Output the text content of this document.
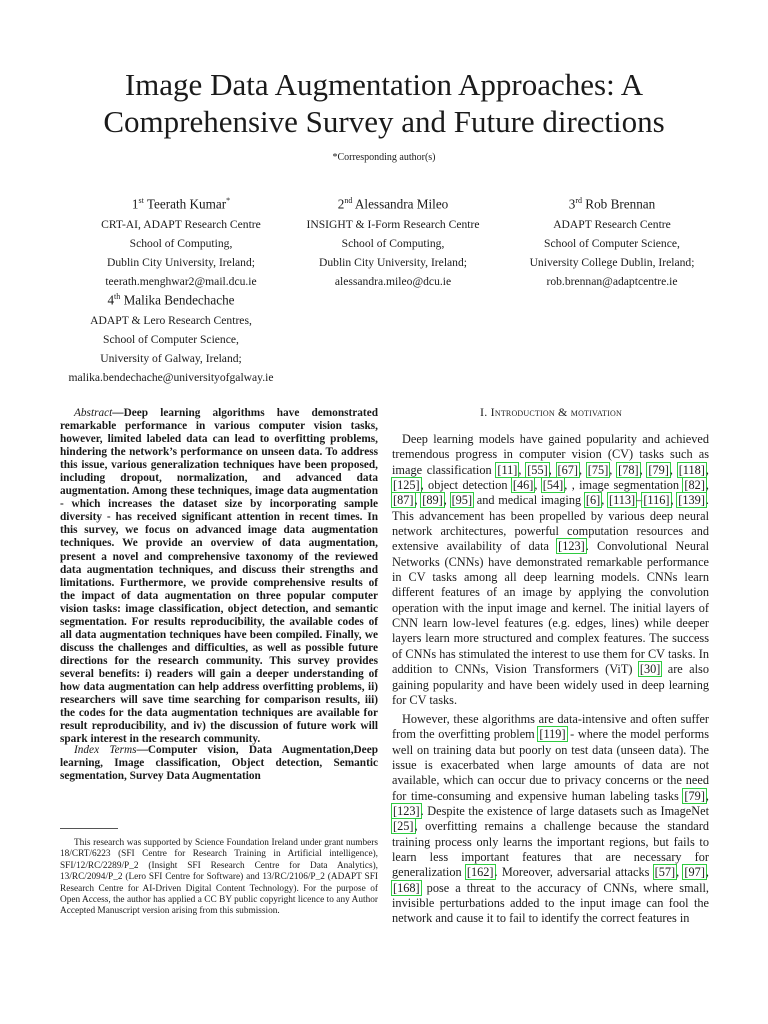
Image Data Augmentation Approaches: A
Comprehensive Survey and Future directions
*Corresponding author(s)
1st Teerath Kumar*
CRT-AI, ADAPT Research Centre
School of Computing,
Dublin City University, Ireland;
teerath.menghwar2@mail.dcu.ie
2nd Alessandra Mileo
INSIGHT & I-Form Research Centre
School of Computing,
Dublin City University, Ireland;
alessandra.mileo@dcu.ie
3rd Rob Brennan
ADAPT Research Centre
School of Computer Science,
University College Dublin, Ireland;
rob.brennan@adaptcentre.ie
4th Malika Bendechache
ADAPT & Lero Research Centres,
School of Computer Science,
University of Galway, Ireland;
malika.bendechache@universityofgalway.ie
Abstract—Deep learning algorithms have demonstrated remarkable performance in various computer vision tasks, however, limited labeled data can lead to overfitting problems, hindering the network’s performance on unseen data. To address this issue, various generalization techniques have been proposed, including dropout, normalization, and advanced data augmentation. Among these techniques, image data augmentation - which increases the dataset size by incorporating sample diversity - has received significant attention in recent times. In this survey, we focus on advanced image data augmentation techniques. We provide an overview of data augmentation, present a novel and comprehensive taxonomy of the reviewed data augmentation techniques, and discuss their strengths and limitations. Furthermore, we provide comprehensive results of the impact of data augmentation on three popular computer vision tasks: image classification, object detection, and semantic segmentation. For results reproducibility, the available codes of all data augmentation techniques have been compiled. Finally, we discuss the challenges and difficulties, as well as possible future directions for the research community. This survey provides several benefits: i) readers will gain a deeper understanding of how data augmentation can help address overfitting problems, ii) researchers will save time searching for comparison results, iii) the codes for the data augmentation techniques are available for result reproducibility, and iv) the discussion of future work will spark interest in the research community.
Index Terms—Computer vision, Data Augmentation,Deep learning, Image classification, Object detection, Semantic segmentation, Survey Data Augmentation
This research was supported by Science Foundation Ireland under grant numbers 18/CRT/6223 (SFI Centre for Research Training in Artificial intelligence), SFI/12/RC/2289/P_2 (Insight SFI Research Centre for Data Analytics), 13/RC/2094/P_2 (Lero SFI Centre for Software) and 13/RC/2106/P_2 (ADAPT SFI Research Centre for AI-Driven Digital Content Technology). For the purpose of Open Access, the author has applied a CC BY public copyright licence to any Author Accepted Manuscript version arising from this submission.
I. Introduction & motivation
Deep learning models have gained popularity and achieved tremendous progress in computer vision (CV) tasks such as image classification [11], [55], [67], [75], [78], [79], [118], [125], object detection [46], [54], , image segmentation [82], [87], [89], [95] and medical imaging [6], [113]–[116], [139]. This advancement has been propelled by various deep neural network architectures, powerful computation resources and extensive availability of data [123]. Convolutional Neural Networks (CNNs) have demonstrated remarkable performance in CV tasks among all deep learning models. CNNs learn different features of an image by applying the convolution operation with the input image and kernel. The initial layers of CNN learn low-level features (e.g. edges, lines) while deeper layers learn more structured and complex features. The success of CNNs has stimulated the interest to use them for CV tasks. In addition to CNNs, Vision Transformers (ViT) [30] are also gaining popularity and have been widely used in deep learning for CV tasks.
However, these algorithms are data-intensive and often suffer from the overfitting problem [119] - where the model performs well on training data but poorly on test data (unseen data). The issue is exacerbated when large amounts of data are not available, which can occur due to privacy concerns or the need for time-consuming and expensive human labeling tasks [79], [123]. Despite the existence of large datasets such as ImageNet [25], overfitting remains a challenge because the standard training process only learns the important regions, but fails to learn less important features that are necessary for generalization [162]. Moreover, adversarial attacks [57], [97], [168] pose a threat to the accuracy of CNNs, where small, invisible perturbations added to the input image can fool the network and cause it to fail to identify the correct features in
